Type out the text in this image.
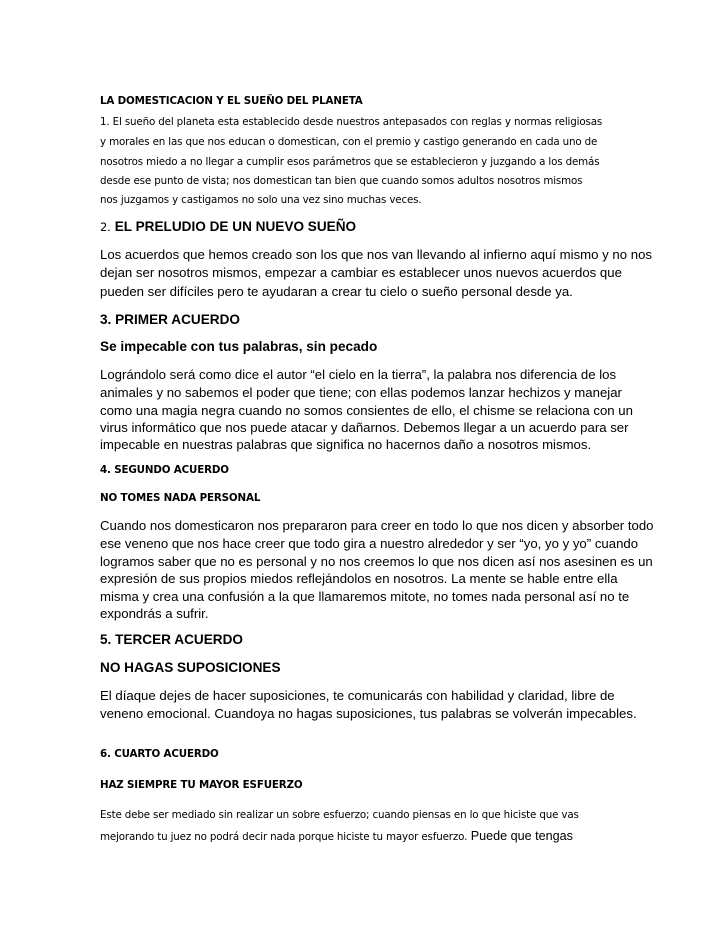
LA DOMESTICACION Y EL SUEÑO DEL PLANETA
1. El sueño del planeta esta establecido desde nuestros antepasados con reglas y normas religiosas
y morales en las que nos educan o domestican, con el premio y castigo generando en cada uno de
nosotros miedo a no llegar a cumplir esos parámetros que se establecieron y juzgando a los demás
desde ese punto de vista; nos domestican tan bien que cuando somos adultos nosotros mismos
nos juzgamos y castigamos no solo una vez sino muchas veces.
2. EL PRELUDIO DE UN NUEVO SUEÑO
Los acuerdos que hemos creado son los que nos van llevando al infierno aquí mismo y no nos
dejan ser nosotros mismos, empezar a cambiar es establecer unos nuevos acuerdos que
pueden ser difíciles pero te ayudaran a crear tu cielo o sueño personal desde ya.
3. PRIMER ACUERDO
Se impecable con tus palabras, sin pecado
Lográndolo será como dice el autor “el cielo en la tierra”, la palabra nos diferencia de los
animales y no sabemos el poder que tiene; con ellas podemos lanzar hechizos y manejar
como una magia negra cuando no somos consientes de ello, el chisme se relaciona con un
virus informático que nos puede atacar y dañarnos. Debemos llegar a un acuerdo para ser
impecable en nuestras palabras que significa no hacernos daño a nosotros mismos.
4. SEGUNDO ACUERDO
NO TOMES NADA PERSONAL
Cuando nos domesticaron nos prepararon para creer en todo lo que nos dicen y absorber todo
ese veneno que nos hace creer que todo gira a nuestro alrededor y ser “yo, yo y yo” cuando
logramos saber que no es personal y no nos creemos lo que nos dicen así nos asesinen es un
expresión de sus propios miedos reflejándolos en nosotros. La mente se hable entre ella
misma y crea una confusión a la que llamaremos mitote, no tomes nada personal así no te
expondrás a sufrir.
5. TERCER ACUERDO
NO HAGAS SUPOSICIONES
El díaque dejes de hacer suposiciones, te comunicarás con habilidad y claridad, libre de
veneno emocional. Cuandoya no hagas suposiciones, tus palabras se volverán impecables.
6. CUARTO ACUERDO
HAZ SIEMPRE TU MAYOR ESFUERZO
Este debe ser mediado sin realizar un sobre esfuerzo; cuando piensas en lo que hiciste que vas
mejorando tu juez no podrá decir nada porque hiciste tu mayor esfuerzo. Puede que tengas
